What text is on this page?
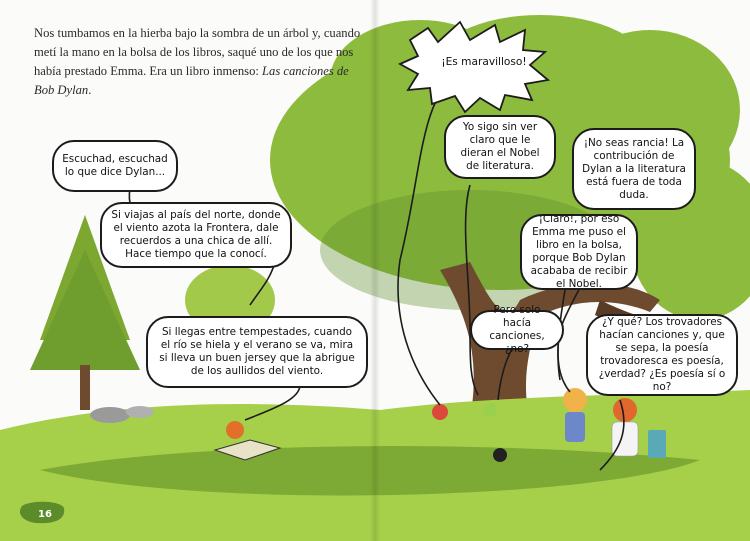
Nos tumbamos en la hierba bajo la sombra de un árbol y, cuando metí la mano en la bolsa de los libros, saqué uno de los que nos había prestado Emma. Era un libro inmenso: Las canciones de Bob Dylan.

Escuchad, escuchad lo que dice Dylan...
Si viajas al país del norte, donde el viento azota la Frontera, dale recuerdos a una chica de allí. Hace tiempo que la conocí.
Si llegas entre tempestades, cuando el río se hiela y el verano se va, mira si lleva un buen jersey que la abrigue de los aullidos del viento.
¡Es maravilloso!
Yo sigo sin ver claro que le dieran el Nobel de literatura.
¡No seas rancia! La contribución de Dylan a la literatura está fuera de toda duda.
¡Claro!, por eso Emma me puso el libro en la bolsa, porque Bob Dylan acababa de recibir el Nobel.
Pero solo hacía canciones, ¿no?
¿Y qué? Los trovadores hacían canciones y, que se sepa, la poesía trovadoresca es poesía, ¿verdad? ¿Es poesía sí o no?
16
